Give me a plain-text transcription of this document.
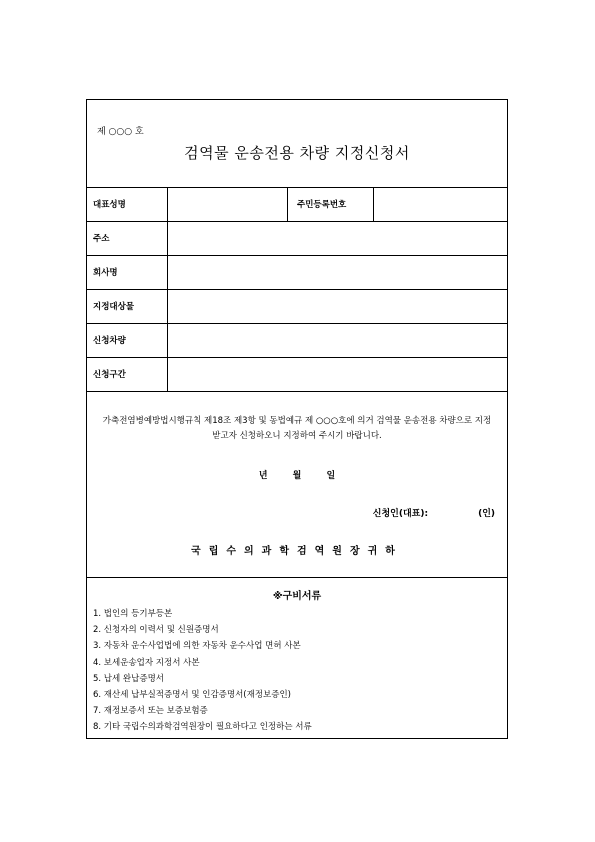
제 ○○○ 호
검역물 운송전용 차량 지정신청서
대표성명	주민등록번호
주소
회사명
지정대상물
신청차량
신청구간
가축전염병예방법시행규칙 제18조 제3항 및 동법예규 제 ○○○호에 의거 검역물 운송전용 차량으로 지정 받고자 신청하오니 지정하여 주시기 바랍니다.
년 월 일
신청인(대표):	(인)
국립수의과학검역원장귀하
※구비서류
1. 법인의 등기부등본
2. 신청자의 이력서 및 신원증명서
3. 자동차 운수사업법에 의한 자동차 운수사업 면허 사본
4. 보세운송업자 지정서 사본
5. 납세 완납증명서
6. 재산세 납부실적증명서 및 인감증명서(재정보증인)
7. 재정보증서 또는 보증보험증
8. 기타 국립수의과학검역원장이 필요하다고 인정하는 서류
